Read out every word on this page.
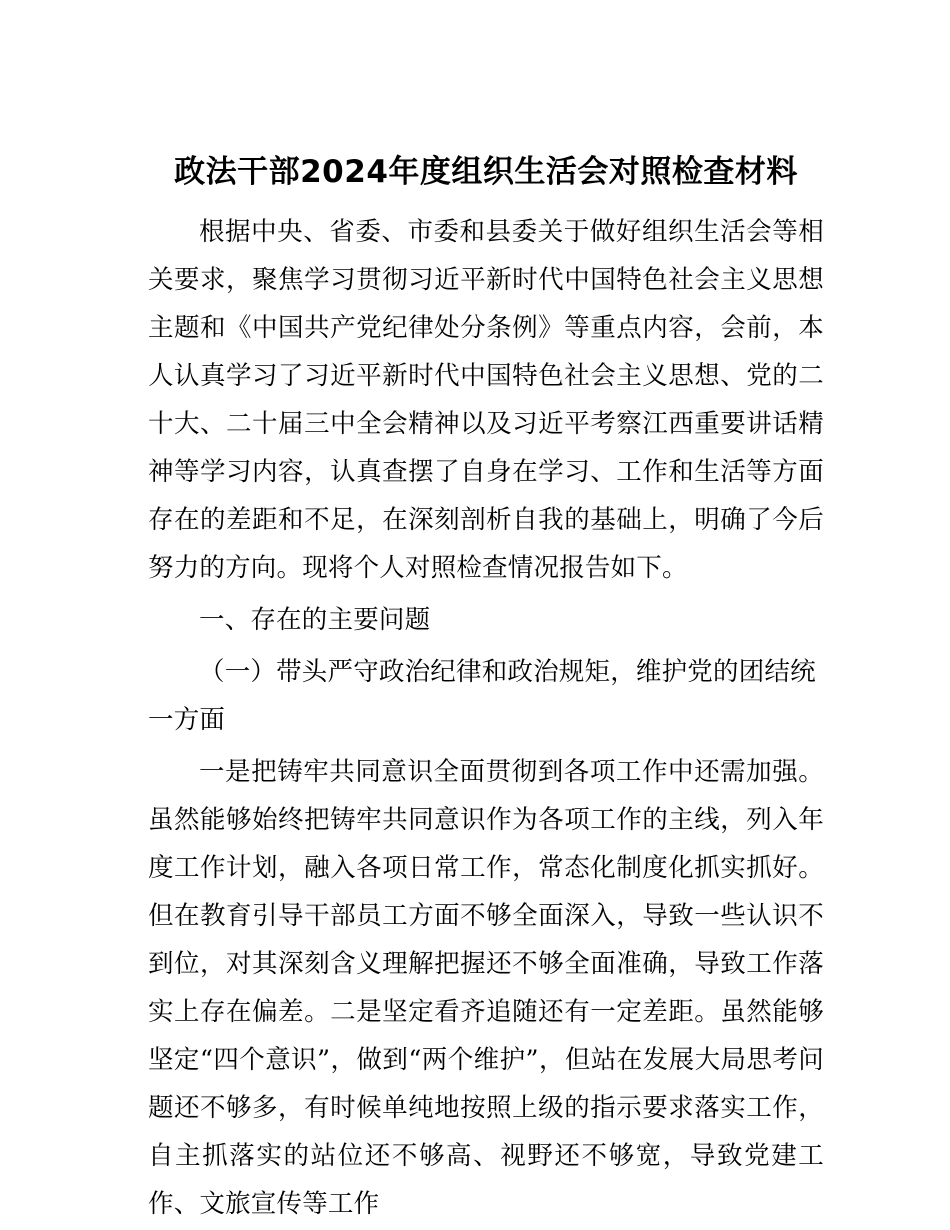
政法干部2024年度组织生活会对照检查材料

根据中央、省委、市委和县委关于做好组织生活会等相关要求，聚焦学习贯彻习近平新时代中国特色社会主义思想主题和《中国共产党纪律处分条例》等重点内容，会前，本人认真学习了习近平新时代中国特色社会主义思想、党的二十大、二十届三中全会精神以及习近平考察江西重要讲话精神等学习内容，认真查摆了自身在学习、工作和生活等方面存在的差距和不足，在深刻剖析自我的基础上，明确了今后努力的方向。现将个人对照检查情况报告如下。

一、存在的主要问题

（一）带头严守政治纪律和政治规矩，维护党的团结统一方面

一是把铸牢共同意识全面贯彻到各项工作中还需加强。虽然能够始终把铸牢共同意识作为各项工作的主线，列入年度工作计划，融入各项日常工作，常态化制度化抓实抓好。但在教育引导干部员工方面不够全面深入，导致一些认识不到位，对其深刻含义理解把握还不够全面准确，导致工作落实上存在偏差。二是坚定看齐追随还有一定差距。虽然能够坚定“四个意识”，做到“两个维护”，但站在发展大局思考问题还不够多，有时候单纯地按照上级的指示要求落实工作，自主抓落实的站位还不够高、视野还不够宽，导致党建工作、文旅宣传等工作
